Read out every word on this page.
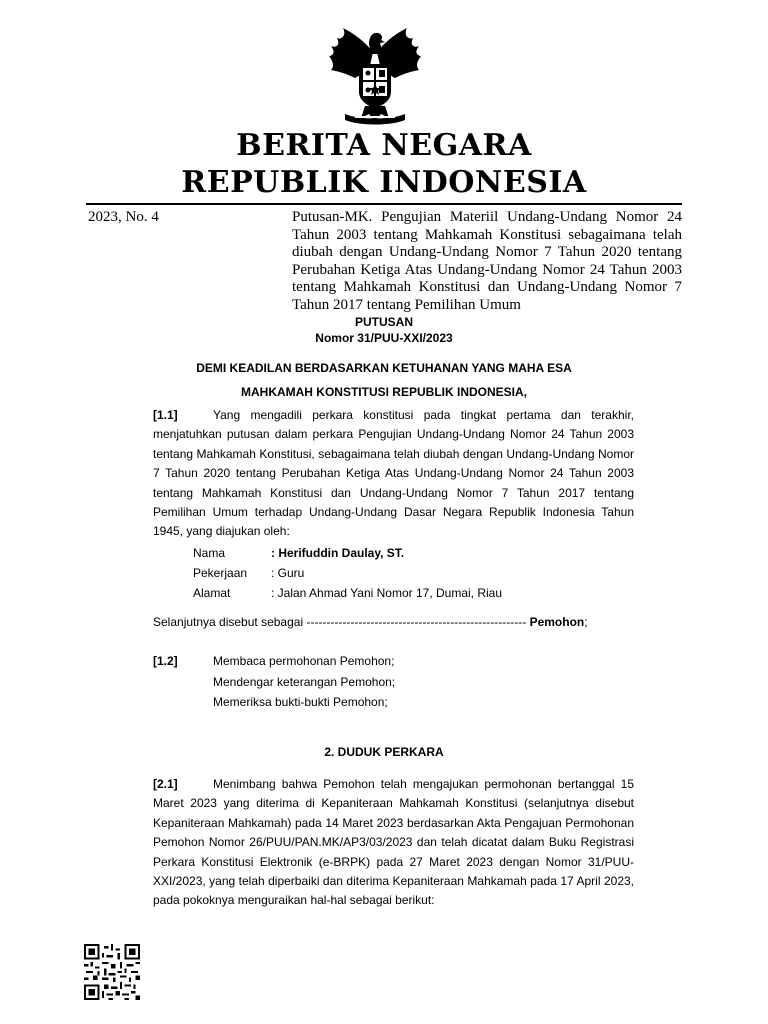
BERITA NEGARA
REPUBLIK INDONESIA
2023, No. 4	Putusan-MK. Pengujian Materiil Undang-Undang Nomor 24 Tahun 2003 tentang Mahkamah Konstitusi sebagaimana telah diubah dengan Undang-Undang Nomor 7 Tahun 2020 tentang Perubahan Ketiga Atas Undang-Undang Nomor 24 Tahun 2003 tentang Mahkamah Konstitusi dan Undang-Undang Nomor 7 Tahun 2017 tentang Pemilihan Umum
PUTUSAN
Nomor 31/PUU-XXI/2023
DEMI KEADILAN BERDASARKAN KETUHANAN YANG MAHA ESA
MAHKAMAH KONSTITUSI REPUBLIK INDONESIA,
[1.1]	Yang mengadili perkara konstitusi pada tingkat pertama dan terakhir, menjatuhkan putusan dalam perkara Pengujian Undang-Undang Nomor 24 Tahun 2003 tentang Mahkamah Konstitusi, sebagaimana telah diubah dengan Undang-Undang Nomor 7 Tahun 2020 tentang Perubahan Ketiga Atas Undang-Undang Nomor 24 Tahun 2003 tentang Mahkamah Konstitusi dan Undang-Undang Nomor 7 Tahun 2017 tentang Pemilihan Umum terhadap Undang-Undang Dasar Negara Republik Indonesia Tahun 1945, yang diajukan oleh:
Nama	: Herifuddin Daulay, ST.
Pekerjaan : Guru
Alamat	: Jalan Ahmad Yani Nomor 17, Dumai, Riau
Selanjutnya disebut sebagai ------------------------------------------------------- Pemohon;
[1.2]	Membaca permohonan Pemohon;
Mendengar keterangan Pemohon;
Memeriksa bukti-bukti Pemohon;
2. DUDUK PERKARA
[2.1]	Menimbang bahwa Pemohon telah mengajukan permohonan bertanggal 15 Maret 2023 yang diterima di Kepaniteraan Mahkamah Konstitusi (selanjutnya disebut Kepaniteraan Mahkamah) pada 14 Maret 2023 berdasarkan Akta Pengajuan Permohonan Pemohon Nomor 26/PUU/PAN.MK/AP3/03/2023 dan telah dicatat dalam Buku Registrasi Perkara Konstitusi Elektronik (e-BRPK) pada 27 Maret 2023 dengan Nomor 31/PUU-XXI/2023, yang telah diperbaiki dan diterima Kepaniteraan Mahkamah pada 17 April 2023, pada pokoknya menguraikan hal-hal sebagai berikut:
